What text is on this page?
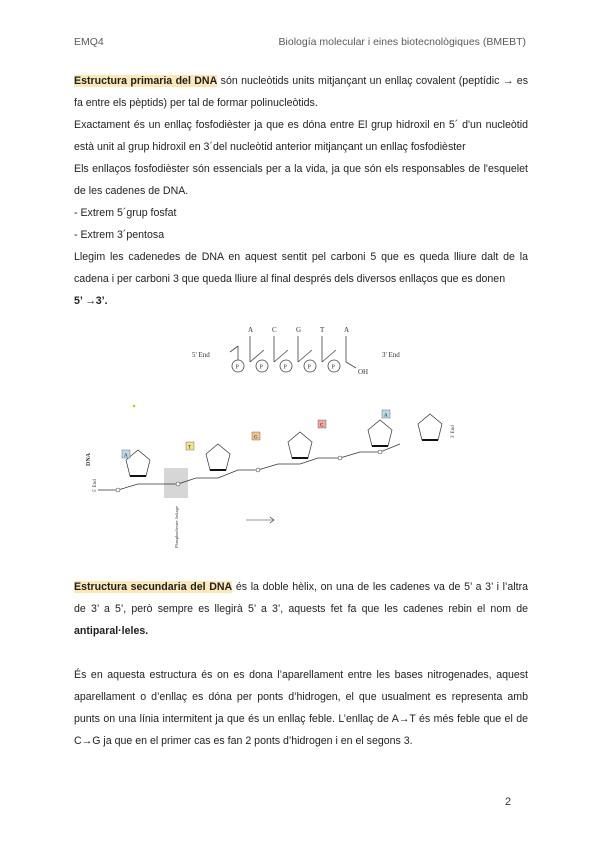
EMQ4	Biología molecular i eines biotecnològiques (BMEBT)
Estructura primaria del DNA són nucleòtids units mitjançant un enllaç covalent (peptídic → es fa entre els pèptids) per tal de formar polinucleòtids.
Exactament és un enllaç fosfodièster ja que es dóna entre El grup hidroxil en 5´ d'un nucleòtid està unit al grup hidroxil en 3´del nucleòtid anterior mitjançant un enllaç fosfodièster
Els enllaços fosfodièster són essencials per a la vida, ja que són els responsables de l'esquelet de les cadenes de DNA.
- Extrem 5´grup fosfat
- Extrem 3´pentosa
Llegim les cadenedes de DNA en aquest sentit pel carboni 5 que es queda lliure dalt de la cadena i per carboni 3 que queda lliure al final després dels diversos enllaços que es donen
5’ →3’.
5' End	3' End
A	C	G	T	A
OH
P	P	P	P	P
DNA
5' End
3' End
Phosphodiester linkage
A
T
G
C
A
Estructura secundaria del DNA és la doble hèlix, on una de les cadenes va de 5’ a 3’ i l’altra de 3’ a 5’, però sempre es llegirà 5’ a 3’, aquests fet fa que les cadenes rebin el nom de antiparal·leles.
És en aquesta estructura és on es dona l’aparellament entre les bases nitrogenades, aquest aparellament o d’enllaç es dóna per ponts d’hidrogen, el que usualment es representa amb punts on una línia intermitent ja que és un enllaç feble. L’enllaç de A→T és més feble que el de C→G ja que en el primer cas es fan 2 ponts d’hidrogen i en el segons 3.
2
